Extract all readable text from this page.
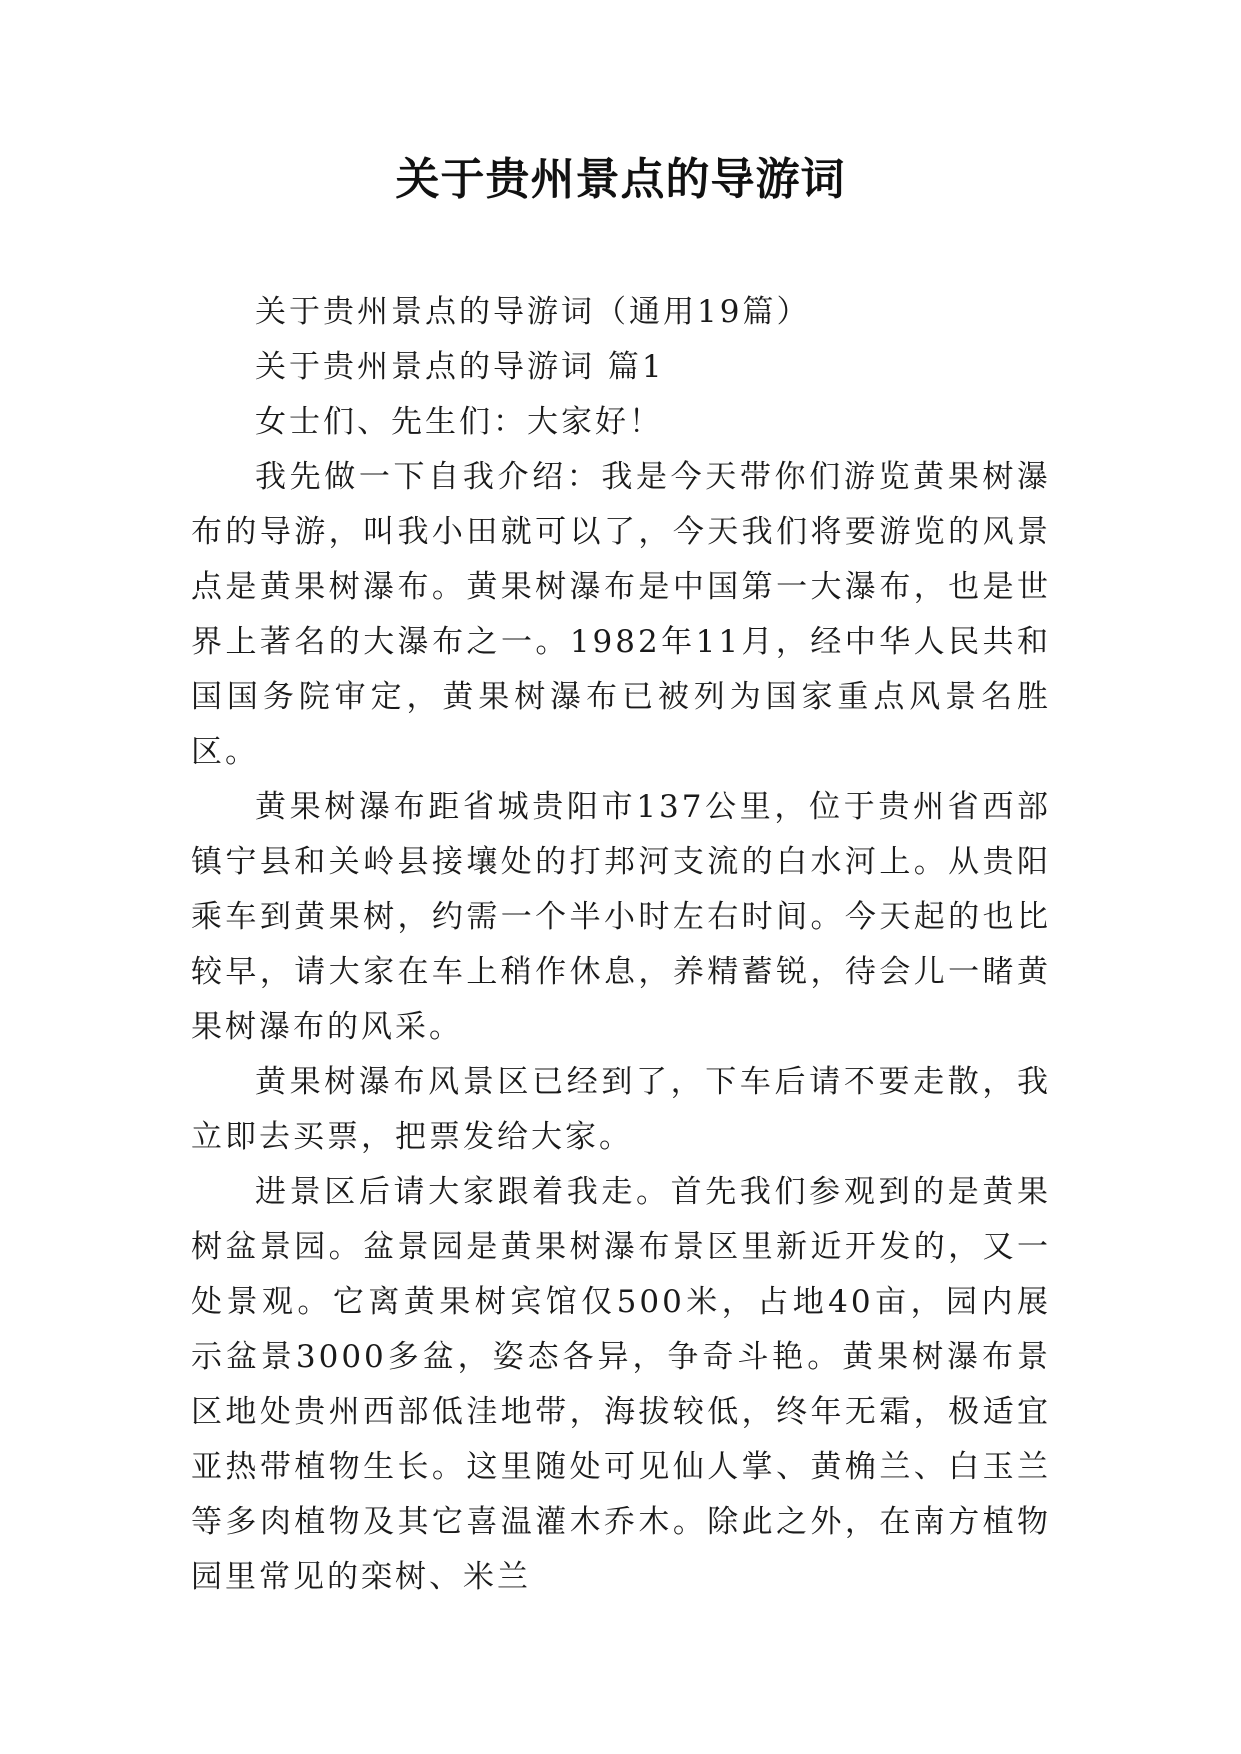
关于贵州景点的导游词

关于贵州景点的导游词（通用19篇）

关于贵州景点的导游词 篇1

女士们、先生们：大家好！

我先做一下自我介绍：我是今天带你们游览黄果树瀑布的导游，叫我小田就可以了，今天我们将要游览的风景点是黄果树瀑布。黄果树瀑布是中国第一大瀑布，也是世界上著名的大瀑布之一。1982年11月，经中华人民共和国国务院审定，黄果树瀑布已被列为国家重点风景名胜区。

黄果树瀑布距省城贵阳市137公里，位于贵州省西部镇宁县和关岭县接壤处的打邦河支流的白水河上。从贵阳乘车到黄果树，约需一个半小时左右时间。今天起的也比较早，请大家在车上稍作休息，养精蓄锐，待会儿一睹黄果树瀑布的风采。

黄果树瀑布风景区已经到了，下车后请不要走散，我立即去买票，把票发给大家。

进景区后请大家跟着我走。首先我们参观到的是黄果树盆景园。盆景园是黄果树瀑布景区里新近开发的，又一处景观。它离黄果树宾馆仅500米，占地40亩，园内展示盆景3000多盆，姿态各异，争奇斗艳。黄果树瀑布景区地处贵州西部低洼地带，海拔较低，终年无霜，极适宜亚热带植物生长。这里随处可见仙人掌、黄桷兰、白玉兰等多肉植物及其它喜温灌木乔木。除此之外，在南方植物园里常见的栾树、米兰
